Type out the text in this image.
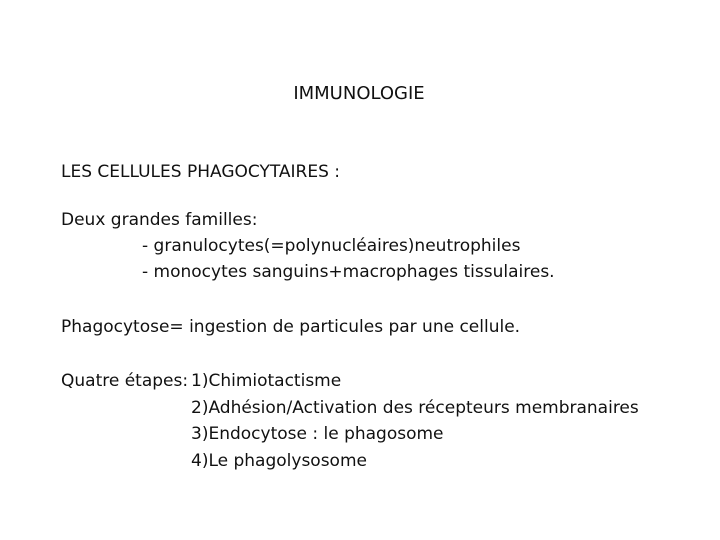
IMMUNOLOGIE
LES CELLULES PHAGOCYTAIRES :
Deux grandes familles:
- granulocytes(=polynucléaires)neutrophiles
- monocytes sanguins+macrophages tissulaires.
Phagocytose= ingestion de particules par une cellule.
Quatre étapes: 1)Chimiotactisme
2)Adhésion/Activation des récepteurs membranaires
3)Endocytose : le phagosome
4)Le phagolysosome
